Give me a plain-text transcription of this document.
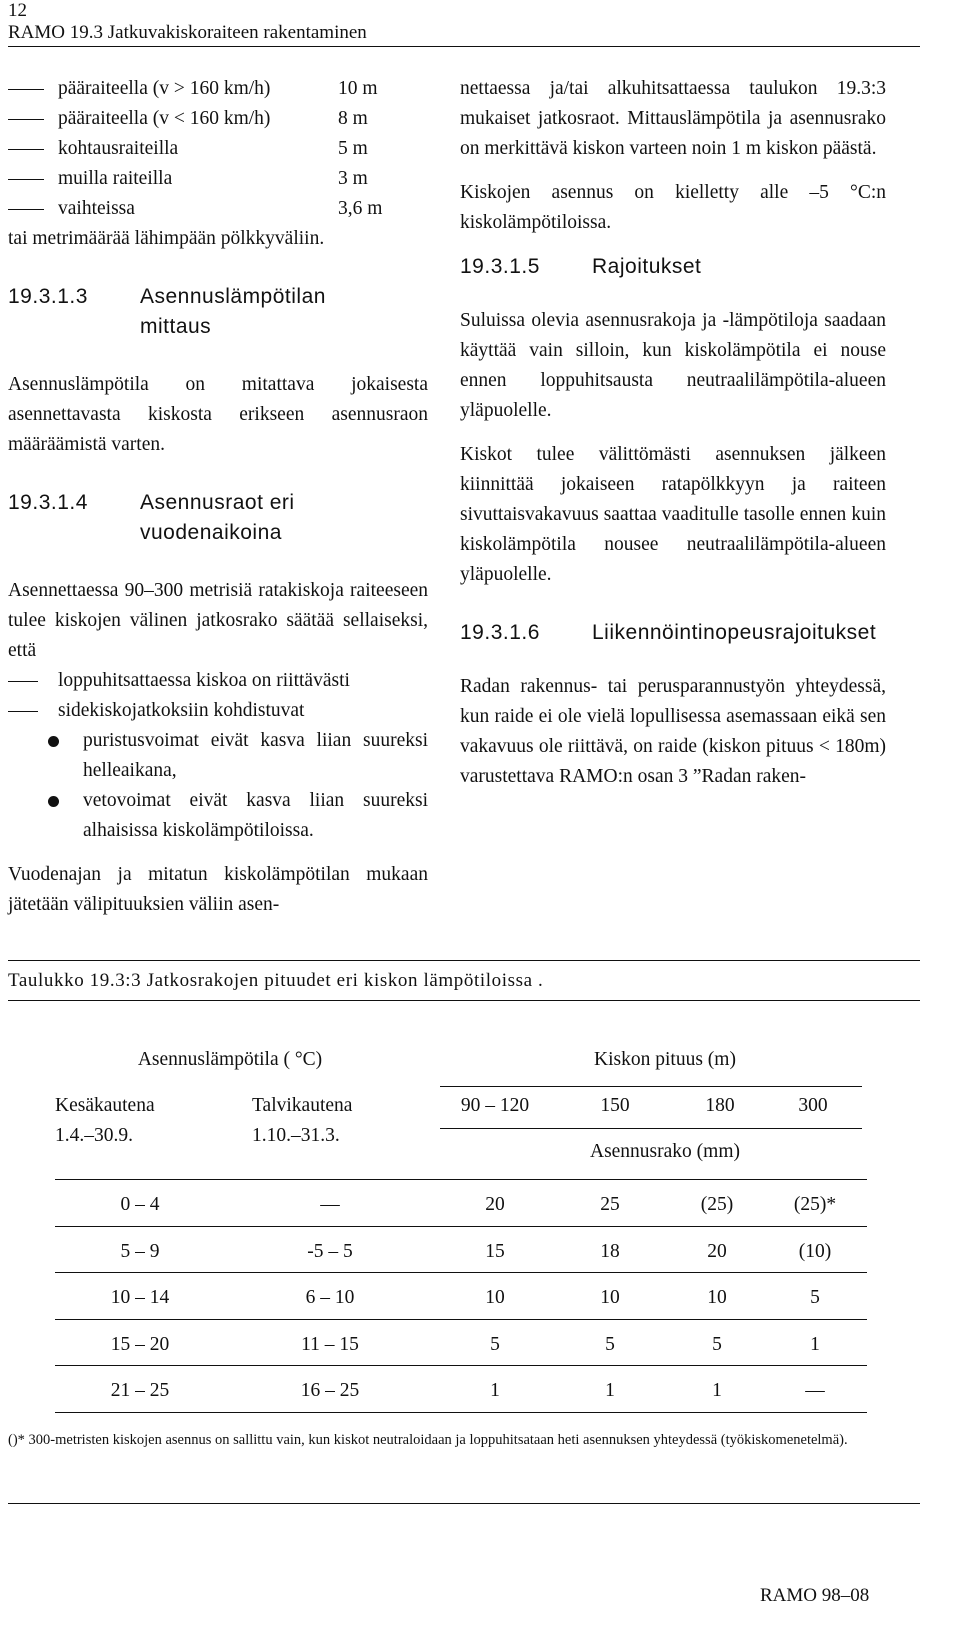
12
RAMO 19.3 Jatkuvakiskoraiteen rakentaminen
pääraiteella (v > 160 km/h)	10 m
pääraiteella (v < 160 km/h)	8 m
kohtausraiteilla	5 m
muilla raiteilla	3 m
vaihteissa	3,6 m

tai metrimäärää lähimpään pölkkyväliin.

19.3.1.3	Asennuslämpötilan mittaus

Asennuslämpötila on mitattava jokaisesta asennettavasta kiskosta erikseen asennusraon määräämistä varten.

19.3.1.4	Asennusraot eri vuodenaikoina

Asennettaessa 90–300 metrisiä ratakiskoja raiteeseen tulee kiskojen välinen jatkosrako säätää sellaiseksi, että

loppuhitsattaessa kiskoa on riittävästi
sidekiskojatkoksiin kohdistuvat

puristusvoimat eivät kasva liian suureksi helleaikana,

vetovoimat eivät kasva liian suureksi alhaisissa kiskolämpötiloissa.

Vuodenajan ja mitatun kiskolämpötilan mukaan jätetään välipituuksien väliin asen-

nettaessa ja/tai alkuhitsattaessa taulukon 19.3:3 mukaiset jatkosraot. Mittauslämpötila ja asennusrako on merkittävä kiskon varteen noin 1 m kiskon päästä.

Kiskojen asennus on kielletty alle –5 °C:n kiskolämpötiloissa.

19.3.1.5	Rajoitukset

Suluissa olevia asennusrakoja ja -lämpötiloja saadaan käyttää vain silloin, kun kiskolämpötila ei nouse ennen loppuhitsausta neutraalilämpötila-alueen yläpuolelle.

Kiskot tulee välittömästi asennuksen jälkeen kiinnittää jokaiseen ratapölkkyyn ja raiteen sivuttaisvakavuus saattaa vaaditulle tasolle ennen kuin kiskolämpötila nousee neutraalilämpötila-alueen yläpuolelle.

19.3.1.6	Liikennöintinopeusrajoitukset

Radan rakennus- tai perusparannustyön yhteydessä, kun raide ei ole vielä lopullisessa asemassaan eikä sen vakavuus ole riittävä, on raide (kiskon pituus < 180m) varustettava RAMO:n osan 3 ”Radan raken-

Taulukko 19.3:3 Jatkosrakojen pituudet eri kiskon lämpötiloissa .
Asennuslämpötila ( °C)	Kiskon pituus (m)
Kesäkautena
1.4.–30.9.
Talvikautena
1.10.–31.3.
90 – 120	150	180	300
Asennusrako (mm)
0 – 4	—	20	25	(25)	(25)*
5 – 9	-5 – 5	15	18	20	(10)
10 – 14	6 – 10	10	10	10	5
15 – 20	11 – 15	5	5	5	1
21 – 25	16 – 25	1	1	1	—
()* 300-metristen kiskojen asennus on sallittu vain, kun kiskot neutraloidaan ja loppuhitsataan heti asennuksen yhteydessä (työkiskomenetelmä).
RAMO 98–08
